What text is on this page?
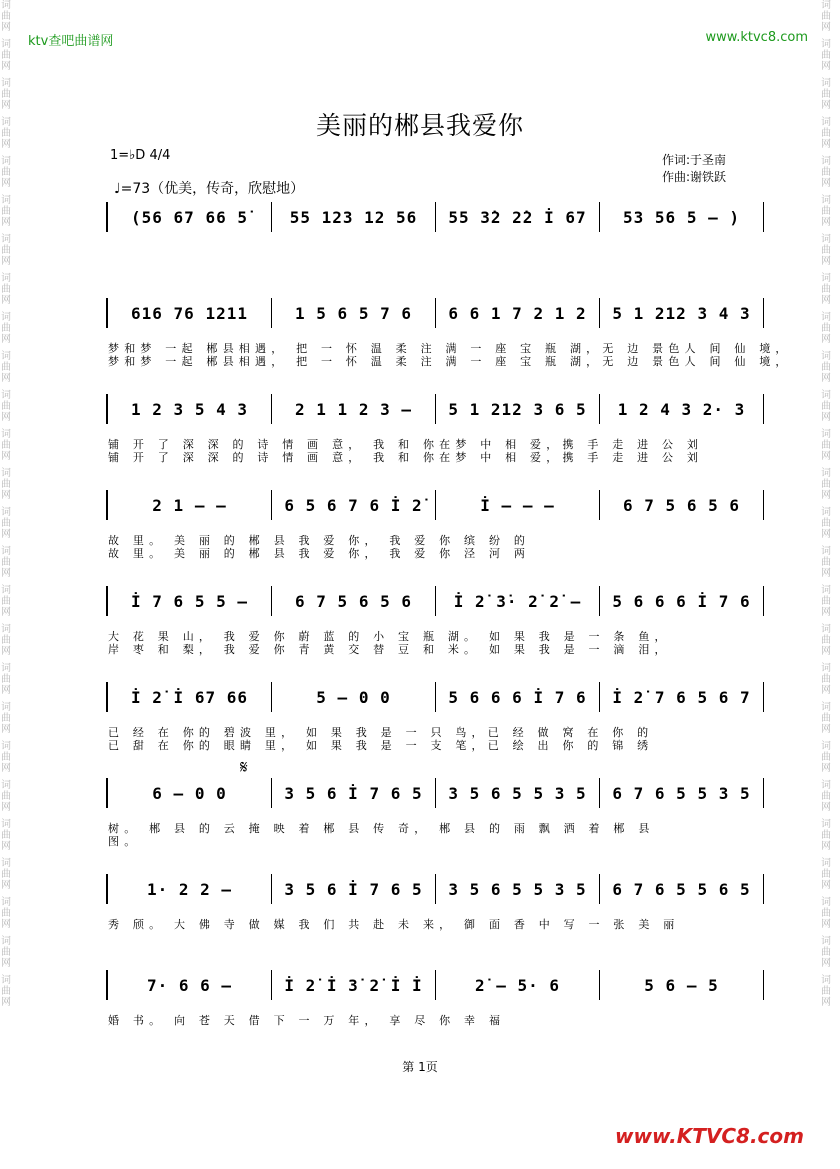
词曲网
词曲网
词曲网
词曲网
词曲网
词曲网
词曲网
词曲网
词曲网
词曲网
词曲网
词曲网
词曲网
词曲网
词曲网
词曲网
词曲网
词曲网
词曲网
词曲网
词曲网
词曲网
词曲网
词曲网
词曲网
词曲网
词曲网
词曲网
词曲网
词曲网
词曲网
词曲网
词曲网
词曲网
词曲网
词曲网
词曲网
词曲网
词曲网
词曲网
词曲网
词曲网
词曲网
词曲网
词曲网
词曲网
词曲网
词曲网
词曲网
词曲网
词曲网
词曲网
ktv查吧曲谱网	www.ktvc8.com
美丽的郴县我爱你
1=♭D 4/4
♩=73（优美，传奇，欣慰地）
作词:于圣南
作曲:谢铁跃
𝄋
(56 67 66 5̇	55 123 12 56	55 3̇2 2̇2 İ 67	53 56 5 – )
616 76 1211	1 5 6 5 7 6	6 6 1 7 2 1 2	5 1 212 3 4 3
梦和梦 一起 郴县相遇， 把 一 怀 温 柔 注 满 一 座 宝 瓶 湖，无 边 景色人 间 仙 境，
梦和梦 一起 郴县相遇， 把 一 怀 温 柔 注 满 一 座 宝 瓶 湖，无 边 景色人 间 仙 境，
1 2 3 5 4 3	2 1 1 2 3 –	5 1 212 3 6 5	1 2 4 3 2· 3
铺 开 了 深 深 的 诗 情 画 意， 我 和 你在梦 中 相 爱，携 手 走 进 公 刘
铺 开 了 深 深 的 诗 情 画 意， 我 和 你在梦 中 相 爱，携 手 走 进 公 刘
2 1 – –	6 5 6 7 6 İ 2̇	İ – – –	6 7 5 6 5 6
故 里。 美 丽 的 郴 县 我 爱 你， 我 爱 你 缤 纷 的
故 里。 美 丽 的 郴 县 我 爱 你， 我 爱 你 泾 河 两
İ 7 6 5 5 –	6 7 5 6 5 6	İ 2̇ 3̇· 2̇ 2̇ –	5 6 6 6 İ 7 6
大 花 果 山， 我 爱 你 蔚 蓝 的 小 宝 瓶 湖。 如 果 我 是 一 条 鱼，
岸 枣 和 梨， 我 爱 你 青 黄 交 替 豆 和 米。 如 果 我 是 一 滴 泪，
İ 2̇ İ 67 66	5 – 0 0	5 6 6 6 İ 7 6	İ 2̇ 7 6 5 6 7
已 经 在 你的 碧波 里， 如 果 我 是 一 只 鸟，已 经 做 窝 在 你 的
已 甜 在 你的 眼睛 里， 如 果 我 是 一 支 笔，已 绘 出 你 的 锦 绣
6 – 0 0	3 5 6 İ 7 6 5	3 5 6 5 5 3 5	6 7 6 5 5 3 5
树。 郴 县 的 云 掩 映 着 郴 县 传 奇， 郴 县 的 雨 飘 洒 着 郴 县
图。
1· 2 2 –	3 5 6 İ 7 6 5	3 5 6 5 5 3 5	6 7 6 5 5 6 5
秀 颀。 大 佛 寺 做 媒 我 们 共 赴 未 来， 御 面 香 中 写 一 张 美 丽
7· 6 6 –	İ 2̇ İ 3̇ 2̇ İ İ	2̇ – 5· 6	5 6 – 5
婚 书。 向 苍 天 借 下 一 万 年， 享 尽 你 幸 福
第 1页
www.KTVC8.com
